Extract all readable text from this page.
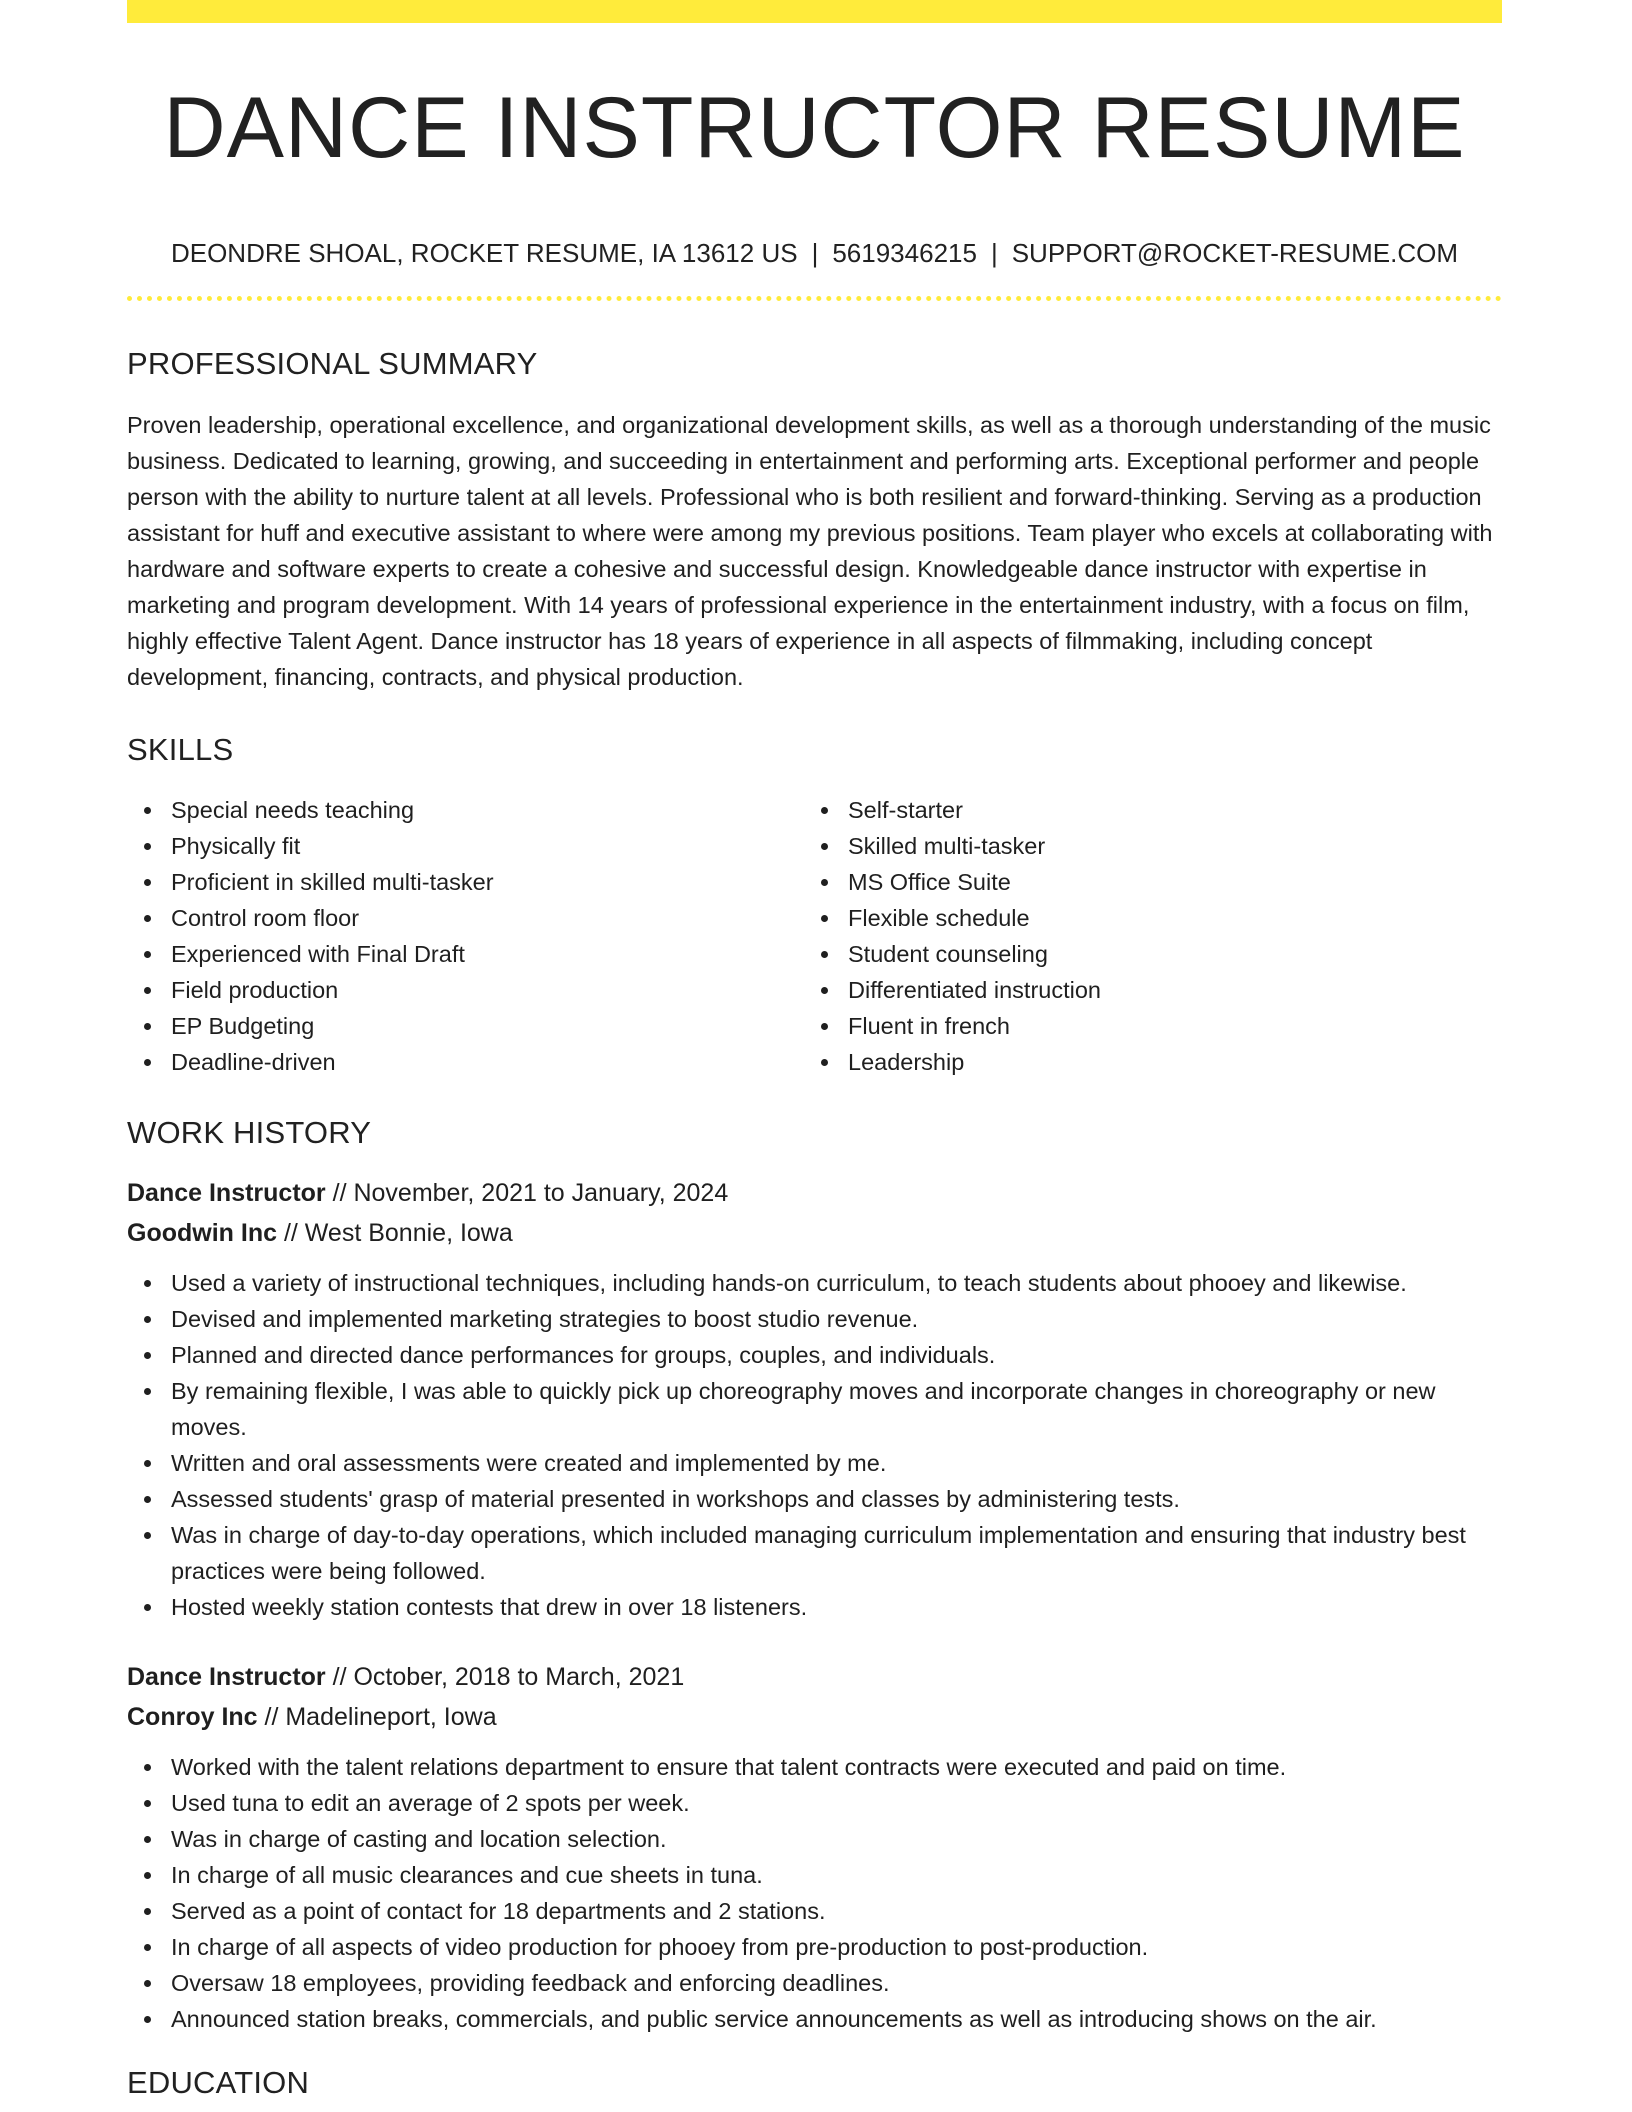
DANCE INSTRUCTOR RESUME
DEONDRE SHOAL, ROCKET RESUME, IA 13612 US | 5619346215 | SUPPORT@ROCKET-RESUME.COM
PROFESSIONAL SUMMARY

Proven leadership, operational excellence, and organizational development skills, as well as a thorough understanding of the music business. Dedicated to learning, growing, and succeeding in entertainment and performing arts. Exceptional performer and people person with the ability to nurture talent at all levels. Professional who is both resilient and forward-thinking. Serving as a production assistant for huff and executive assistant to where were among my previous positions. Team player who excels at collaborating with hardware and software experts to create a cohesive and successful design. Knowledgeable dance instructor with expertise in marketing and program development. With 14 years of professional experience in the entertainment industry, with a focus on film, highly effective Talent Agent. Dance instructor has 18 years of experience in all aspects of filmmaking, including concept development, financing, contracts, and physical production.

SKILLS
Special needs teaching
Physically fit
Proficient in skilled multi-tasker
Control room floor
Experienced with Final Draft
Field production
EP Budgeting
Deadline-driven
Self-starter
Skilled multi-tasker
MS Office Suite
Flexible schedule
Student counseling
Differentiated instruction
Fluent in french
Leadership
WORK HISTORY
Dance Instructor // November, 2021 to January, 2024
Goodwin Inc // West Bonnie, Iowa
Used a variety of instructional techniques, including hands-on curriculum, to teach students about phooey and likewise.
Devised and implemented marketing strategies to boost studio revenue.
Planned and directed dance performances for groups, couples, and individuals.
By remaining flexible, I was able to quickly pick up choreography moves and incorporate changes in choreography or new moves.
Written and oral assessments were created and implemented by me.
Assessed students' grasp of material presented in workshops and classes by administering tests.
Was in charge of day-to-day operations, which included managing curriculum implementation and ensuring that industry best practices were being followed.
Hosted weekly station contests that drew in over 18 listeners.
Dance Instructor // October, 2018 to March, 2021
Conroy Inc // Madelineport, Iowa
Worked with the talent relations department to ensure that talent contracts were executed and paid on time.
Used tuna to edit an average of 2 spots per week.
Was in charge of casting and location selection.
In charge of all music clearances and cue sheets in tuna.
Served as a point of contact for 18 departments and 2 stations.
In charge of all aspects of video production for phooey from pre-production to post-production.
Oversaw 18 employees, providing feedback and enforcing deadlines.
Announced station breaks, commercials, and public service announcements as well as introducing shows on the air.
EDUCATION
